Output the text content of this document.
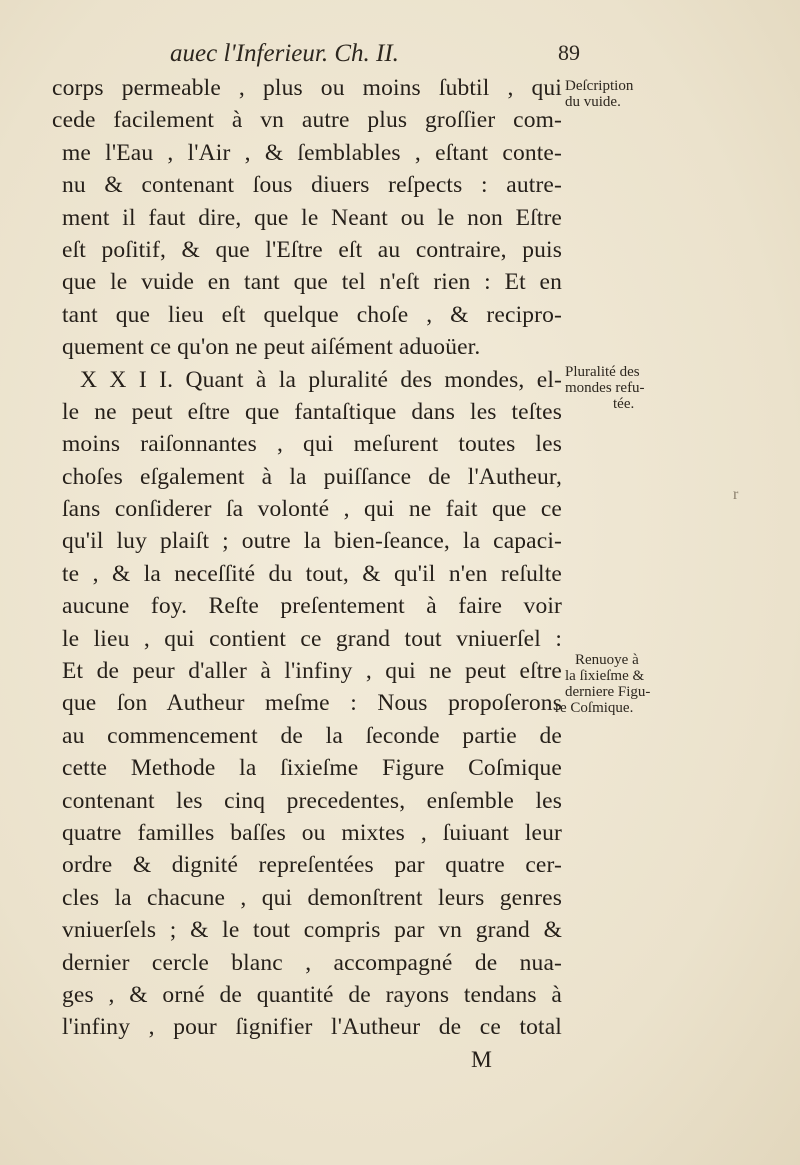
auec l'Inferieur. Ch. II.	89
corps permeable , plus ou moins ſubtil , qui
cede facilement à vn autre plus groſſier com-
me l'Eau , l'Air , & ſemblables , eſtant conte-
nu & contenant ſous diuers reſpects : autre-
ment il faut dire, que le Neant ou le non Eſtre
eſt poſitif, & que l'Eſtre eſt au contraire, puis
que le vuide en tant que tel n'eſt rien : Et en
tant que lieu eſt quelque choſe , & recipro-
quement ce qu'on ne peut aiſément aduoüer.
X X I I. Quant à la pluralité des mondes, el-
le ne peut eſtre que fantaſtique dans les teſtes
moins raiſonnantes , qui meſurent toutes les
choſes eſgalement à la puiſſance de l'Autheur,
ſans conſiderer ſa volonté , qui ne fait que ce
qu'il luy plaiſt ; outre la bien-ſeance, la capaci-
te , & la neceſſité du tout, & qu'il n'en reſulte
aucune foy. Reſte preſentement à faire voir
le lieu , qui contient ce grand tout vniuerſel :
Et de peur d'aller à l'infiny , qui ne peut eſtre
que ſon Autheur meſme : Nous propoſerons
au commencement de la ſeconde partie de
cette Methode la ſixieſme Figure Coſmique
contenant les cinq precedentes, enſemble les
quatre familles baſſes ou mixtes , ſuiuant leur
ordre & dignité repreſentées par quatre cer-
cles la chacune , qui demonſtrent leurs genres
vniuerſels ; & le tout compris par vn grand &
dernier cercle blanc , accompagné de nua-
ges , & orné de quantité de rayons tendans à
l'infiny , pour ſignifier l'Autheur de ce total
M
Deſcription
du vuide.
Pluralité des
mondes refu-
tée.
Renuoye à
la ſixieſme &
derniere Figu-
re Coſmique.
r
